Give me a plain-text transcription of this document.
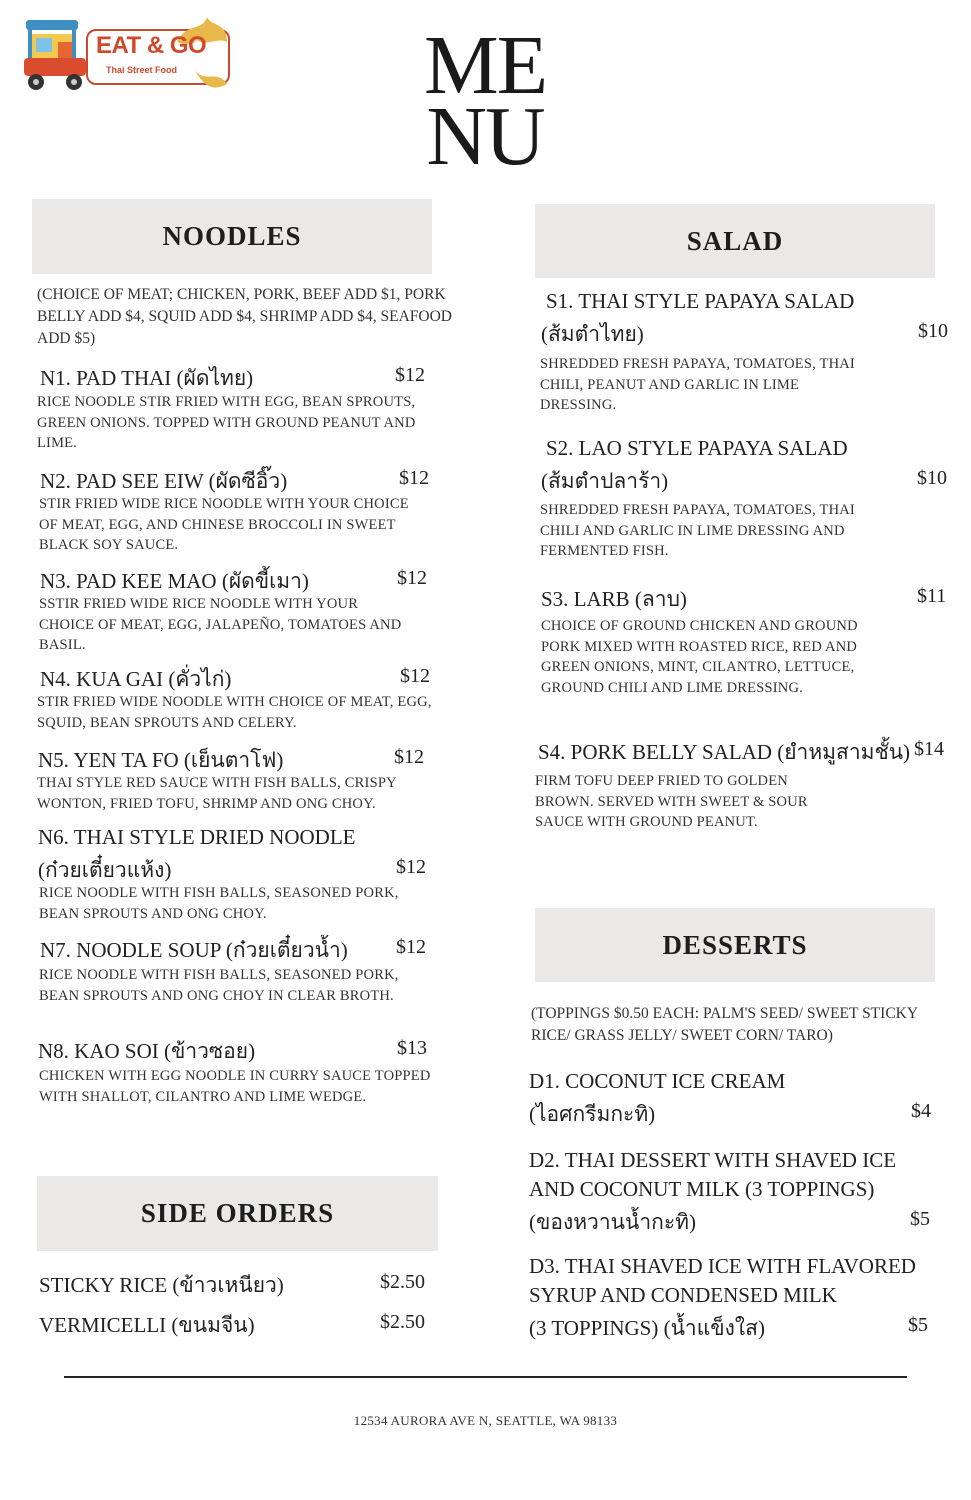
EAT & GO
Thai Street Food	ME
NU
NOODLES
(CHOICE OF MEAT; CHICKEN, PORK, BEEF ADD $1, PORK BELLY ADD $4, SQUID ADD $4, SHRIMP ADD $4, SEAFOOD ADD $5)
N1. PAD THAI (ผัดไทย)	$12
RICE NOODLE STIR FRIED WITH EGG, BEAN SPROUTS, GREEN ONIONS. TOPPED WITH GROUND PEANUT AND LIME.
N2. PAD SEE EIW (ผัดซีอิ๊ว)	$12
STIR FRIED WIDE RICE NOODLE WITH YOUR CHOICE OF MEAT, EGG, AND CHINESE BROCCOLI IN SWEET BLACK SOY SAUCE.
N3. PAD KEE MAO (ผัดขี้เมา)	$12
SSTIR FRIED WIDE RICE NOODLE WITH YOUR CHOICE OF MEAT, EGG, JALAPEÑO, TOMATOES AND BASIL.
N4. KUA GAI (คั่วไก่)	$12
STIR FRIED WIDE NOODLE WITH CHOICE OF MEAT, EGG, SQUID, BEAN SPROUTS AND CELERY.
N5. YEN TA FO (เย็นตาโฟ)	$12
THAI STYLE RED SAUCE WITH FISH BALLS, CRISPY WONTON, FRIED TOFU, SHRIMP AND ONG CHOY.
N6. THAI STYLE DRIED NOODLE
(ก๋วยเตี๋ยวแห้ง)	$12
RICE NOODLE WITH FISH BALLS, SEASONED PORK, BEAN SPROUTS AND ONG CHOY.
N7. NOODLE SOUP (ก๋วยเตี๋ยวน้ำ) $12
RICE NOODLE WITH FISH BALLS, SEASONED PORK, BEAN SPROUTS AND ONG CHOY IN CLEAR BROTH.
N8. KAO SOI (ข้าวซอย)	$13
CHICKEN WITH EGG NOODLE IN CURRY SAUCE TOPPED WITH SHALLOT, CILANTRO AND LIME WEDGE.
SIDE ORDERS
STICKY RICE (ข้าวเหนียว)	$2.50
VERMICELLI (ขนมจีน)	$2.50
SALAD
S1. THAI STYLE PAPAYA SALAD
(ส้มตำไทย)	$10
SHREDDED FRESH PAPAYA, TOMATOES, THAI CHILI, PEANUT AND GARLIC IN LIME DRESSING.
S2. LAO STYLE PAPAYA SALAD
(ส้มตำปลาร้า)	$10
SHREDDED FRESH PAPAYA, TOMATOES, THAI CHILI AND GARLIC IN LIME DRESSING AND FERMENTED FISH.
S3. LARB (ลาบ)	$11
CHOICE OF GROUND CHICKEN AND GROUND PORK MIXED WITH ROASTED RICE, RED AND GREEN ONIONS, MINT, CILANTRO, LETTUCE, GROUND CHILI AND LIME DRESSING.
S4. PORK BELLY SALAD (ยำหมูสามชั้น) $14
FIRM TOFU DEEP FRIED TO GOLDEN BROWN. SERVED WITH SWEET & SOUR SAUCE WITH GROUND PEANUT.
DESSERTS
(TOPPINGS $0.50 EACH: PALM'S SEED/ SWEET STICKY RICE/ GRASS JELLY/ SWEET CORN/ TARO)
D1. COCONUT ICE CREAM
(ไอศกรีมกะทิ)	$4
D2. THAI DESSERT WITH SHAVED ICE
AND COCONUT MILK (3 TOPPINGS)
(ของหวานน้ำกะทิ)	$5
D3. THAI SHAVED ICE WITH FLAVORED
SYRUP AND CONDENSED MILK
(3 TOPPINGS) (น้ำแข็งใส)	$5
12534 AURORA AVE N, SEATTLE, WA 98133
